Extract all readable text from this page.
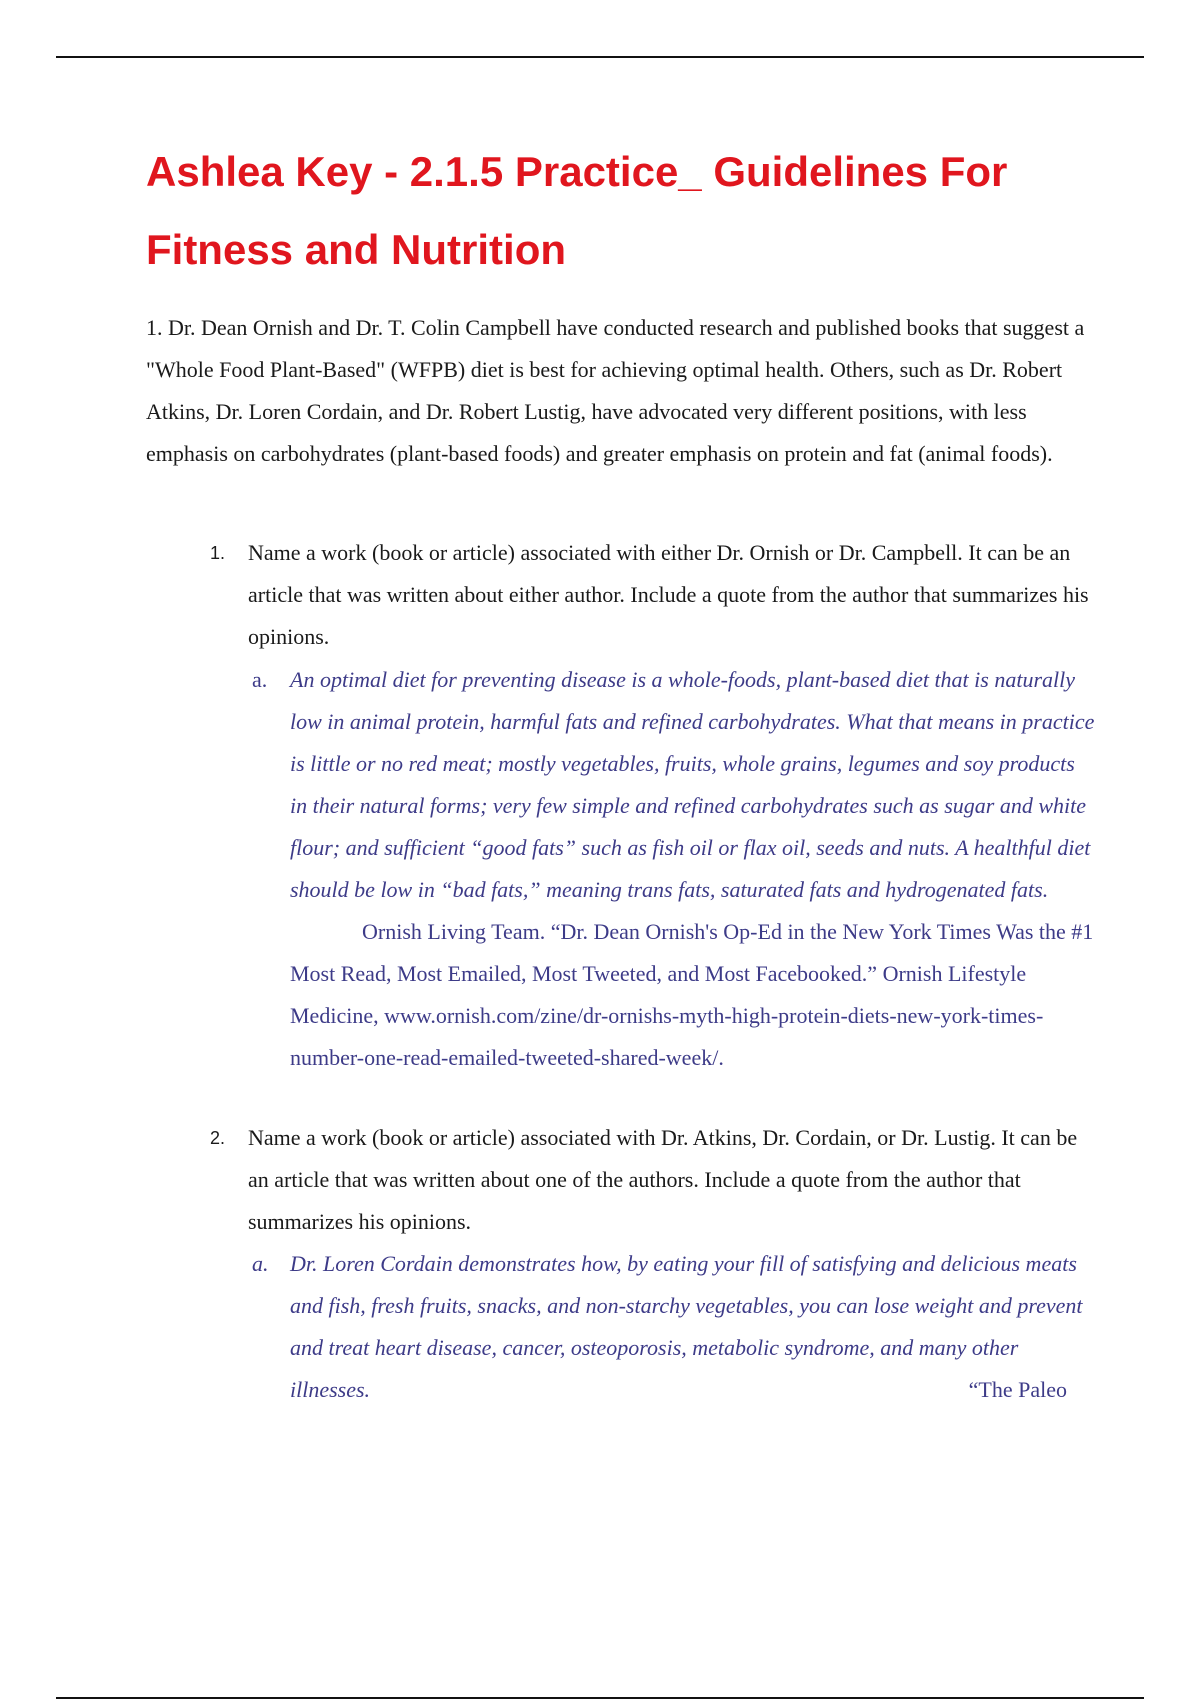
Ashlea Key - 2.1.5 Practice_ Guidelines For Fitness and Nutrition

1. Dr. Dean Ornish and Dr. T. Colin Campbell have conducted research and published books that suggest a "Whole Food Plant-Based" (WFPB) diet is best for achieving optimal health. Others, such as Dr. Robert Atkins, Dr. Loren Cordain, and Dr. Robert Lustig, have advocated very different positions, with less emphasis on carbohydrates (plant-based foods) and greater emphasis on protein and fat (animal foods).

1.	Name a work (book or article) associated with either Dr. Ornish or Dr. Campbell. It can be an article that was written about either author. Include a quote from the author that summarizes his opinions.
a. An optimal diet for preventing disease is a whole-foods, plant-based diet that is naturally low in animal protein, harmful fats and refined carbohydrates. What that means in practice is little or no red meat; mostly vegetables, fruits, whole grains, legumes and soy products in their natural forms; very few simple and refined carbohydrates such as sugar and white flour; and sufficient “good fats” such as fish oil or flax oil, seeds and nuts. A healthful diet should be low in “bad fats,” meaning trans fats, saturated fats and hydrogenated fats.
Ornish Living Team. “Dr. Dean Ornish's Op-Ed in the New York Times Was the #1 Most Read, Most Emailed, Most Tweeted, and Most Facebooked.” Ornish Lifestyle Medicine, www.ornish.com/zine/dr-ornishs-myth-high-protein-diets-new-york-times-number-one-read-emailed-tweeted-shared-week/.
2.	Name a work (book or article) associated with Dr. Atkins, Dr. Cordain, or Dr. Lustig. It can be an article that was written about one of the authors. Include a quote from the author that summarizes his opinions.
a. Dr. Loren Cordain demonstrates how, by eating your fill of satisfying and delicious meats and fish, fresh fruits, snacks, and non-starchy vegetables, you can lose weight and prevent and treat heart disease, cancer, osteoporosis, metabolic syndrome, and many other illnesses.	“The Paleo
